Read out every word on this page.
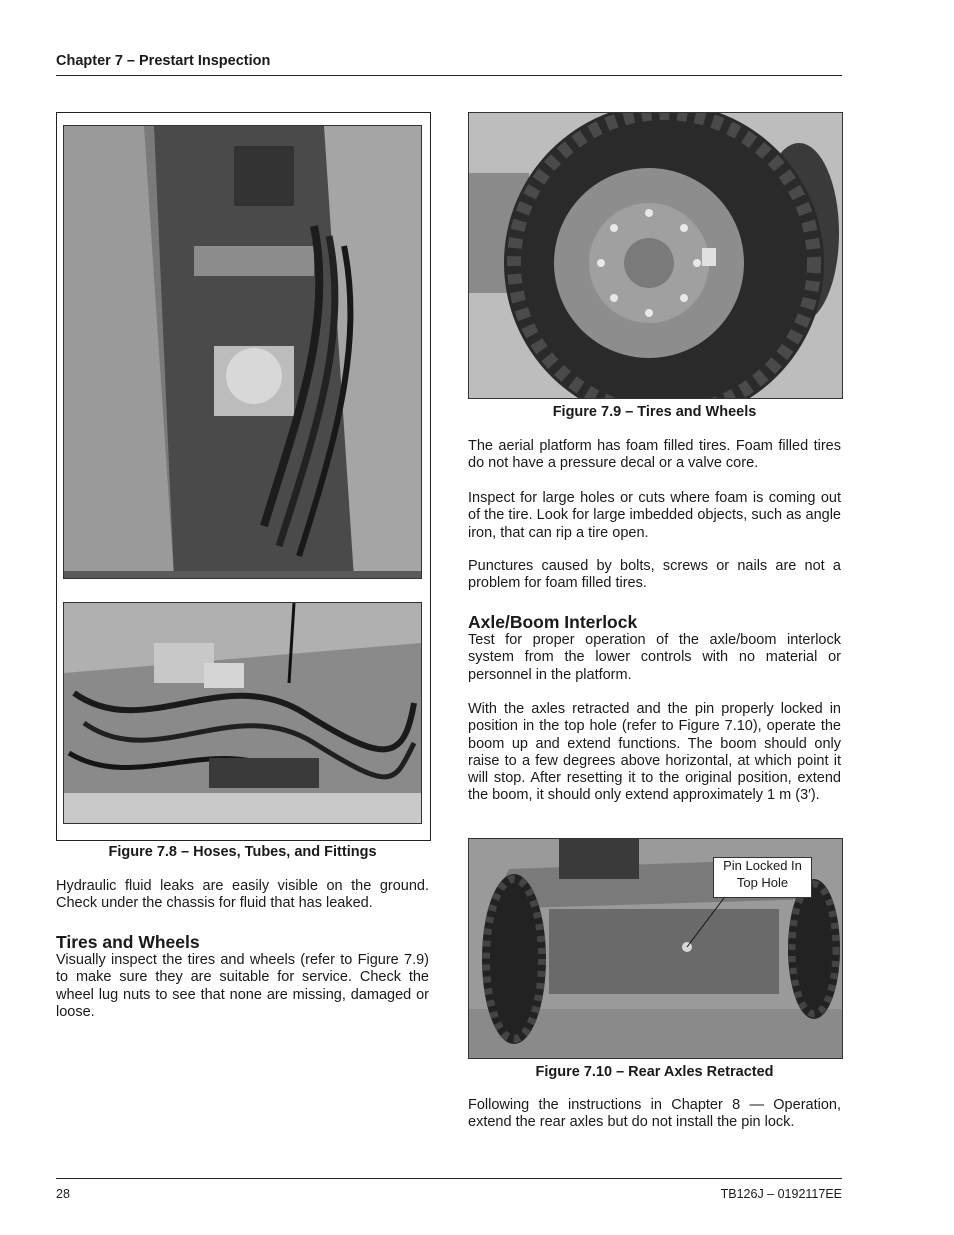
Chapter 7 – Prestart Inspection
Figure 7.8 – Hoses, Tubes, and Fittings
Hydraulic fluid leaks are easily visible on the ground. Check under the chassis for fluid that has leaked.
Tires and Wheels
Visually inspect the tires and wheels (refer to Figure 7.9) to make sure they are suitable for service. Check the wheel lug nuts to see that none are missing, damaged or loose.
Figure 7.9 – Tires and Wheels
The aerial platform has foam filled tires. Foam filled tires do not have a pressure decal or a valve core.
Inspect for large holes or cuts where foam is coming out of the tire. Look for large imbedded objects, such as angle iron, that can rip a tire open.
Punctures caused by bolts, screws or nails are not a problem for foam filled tires.
Axle/Boom Interlock
Test for proper operation of the axle/boom interlock system from the lower controls with no material or personnel in the platform.
With the axles retracted and the pin properly locked in position in the top hole (refer to Figure 7.10), operate the boom up and extend functions. The boom should only raise to a few degrees above horizontal, at which point it will stop. After resetting it to the original position, extend the boom, it should only extend approximately 1 m (3′).
Pin Locked In
Top Hole
Figure 7.10 – Rear Axles Retracted
Following the instructions in Chapter 8 — Operation, extend the rear axles but do not install the pin lock.
28	TB126J – 0192117EE
